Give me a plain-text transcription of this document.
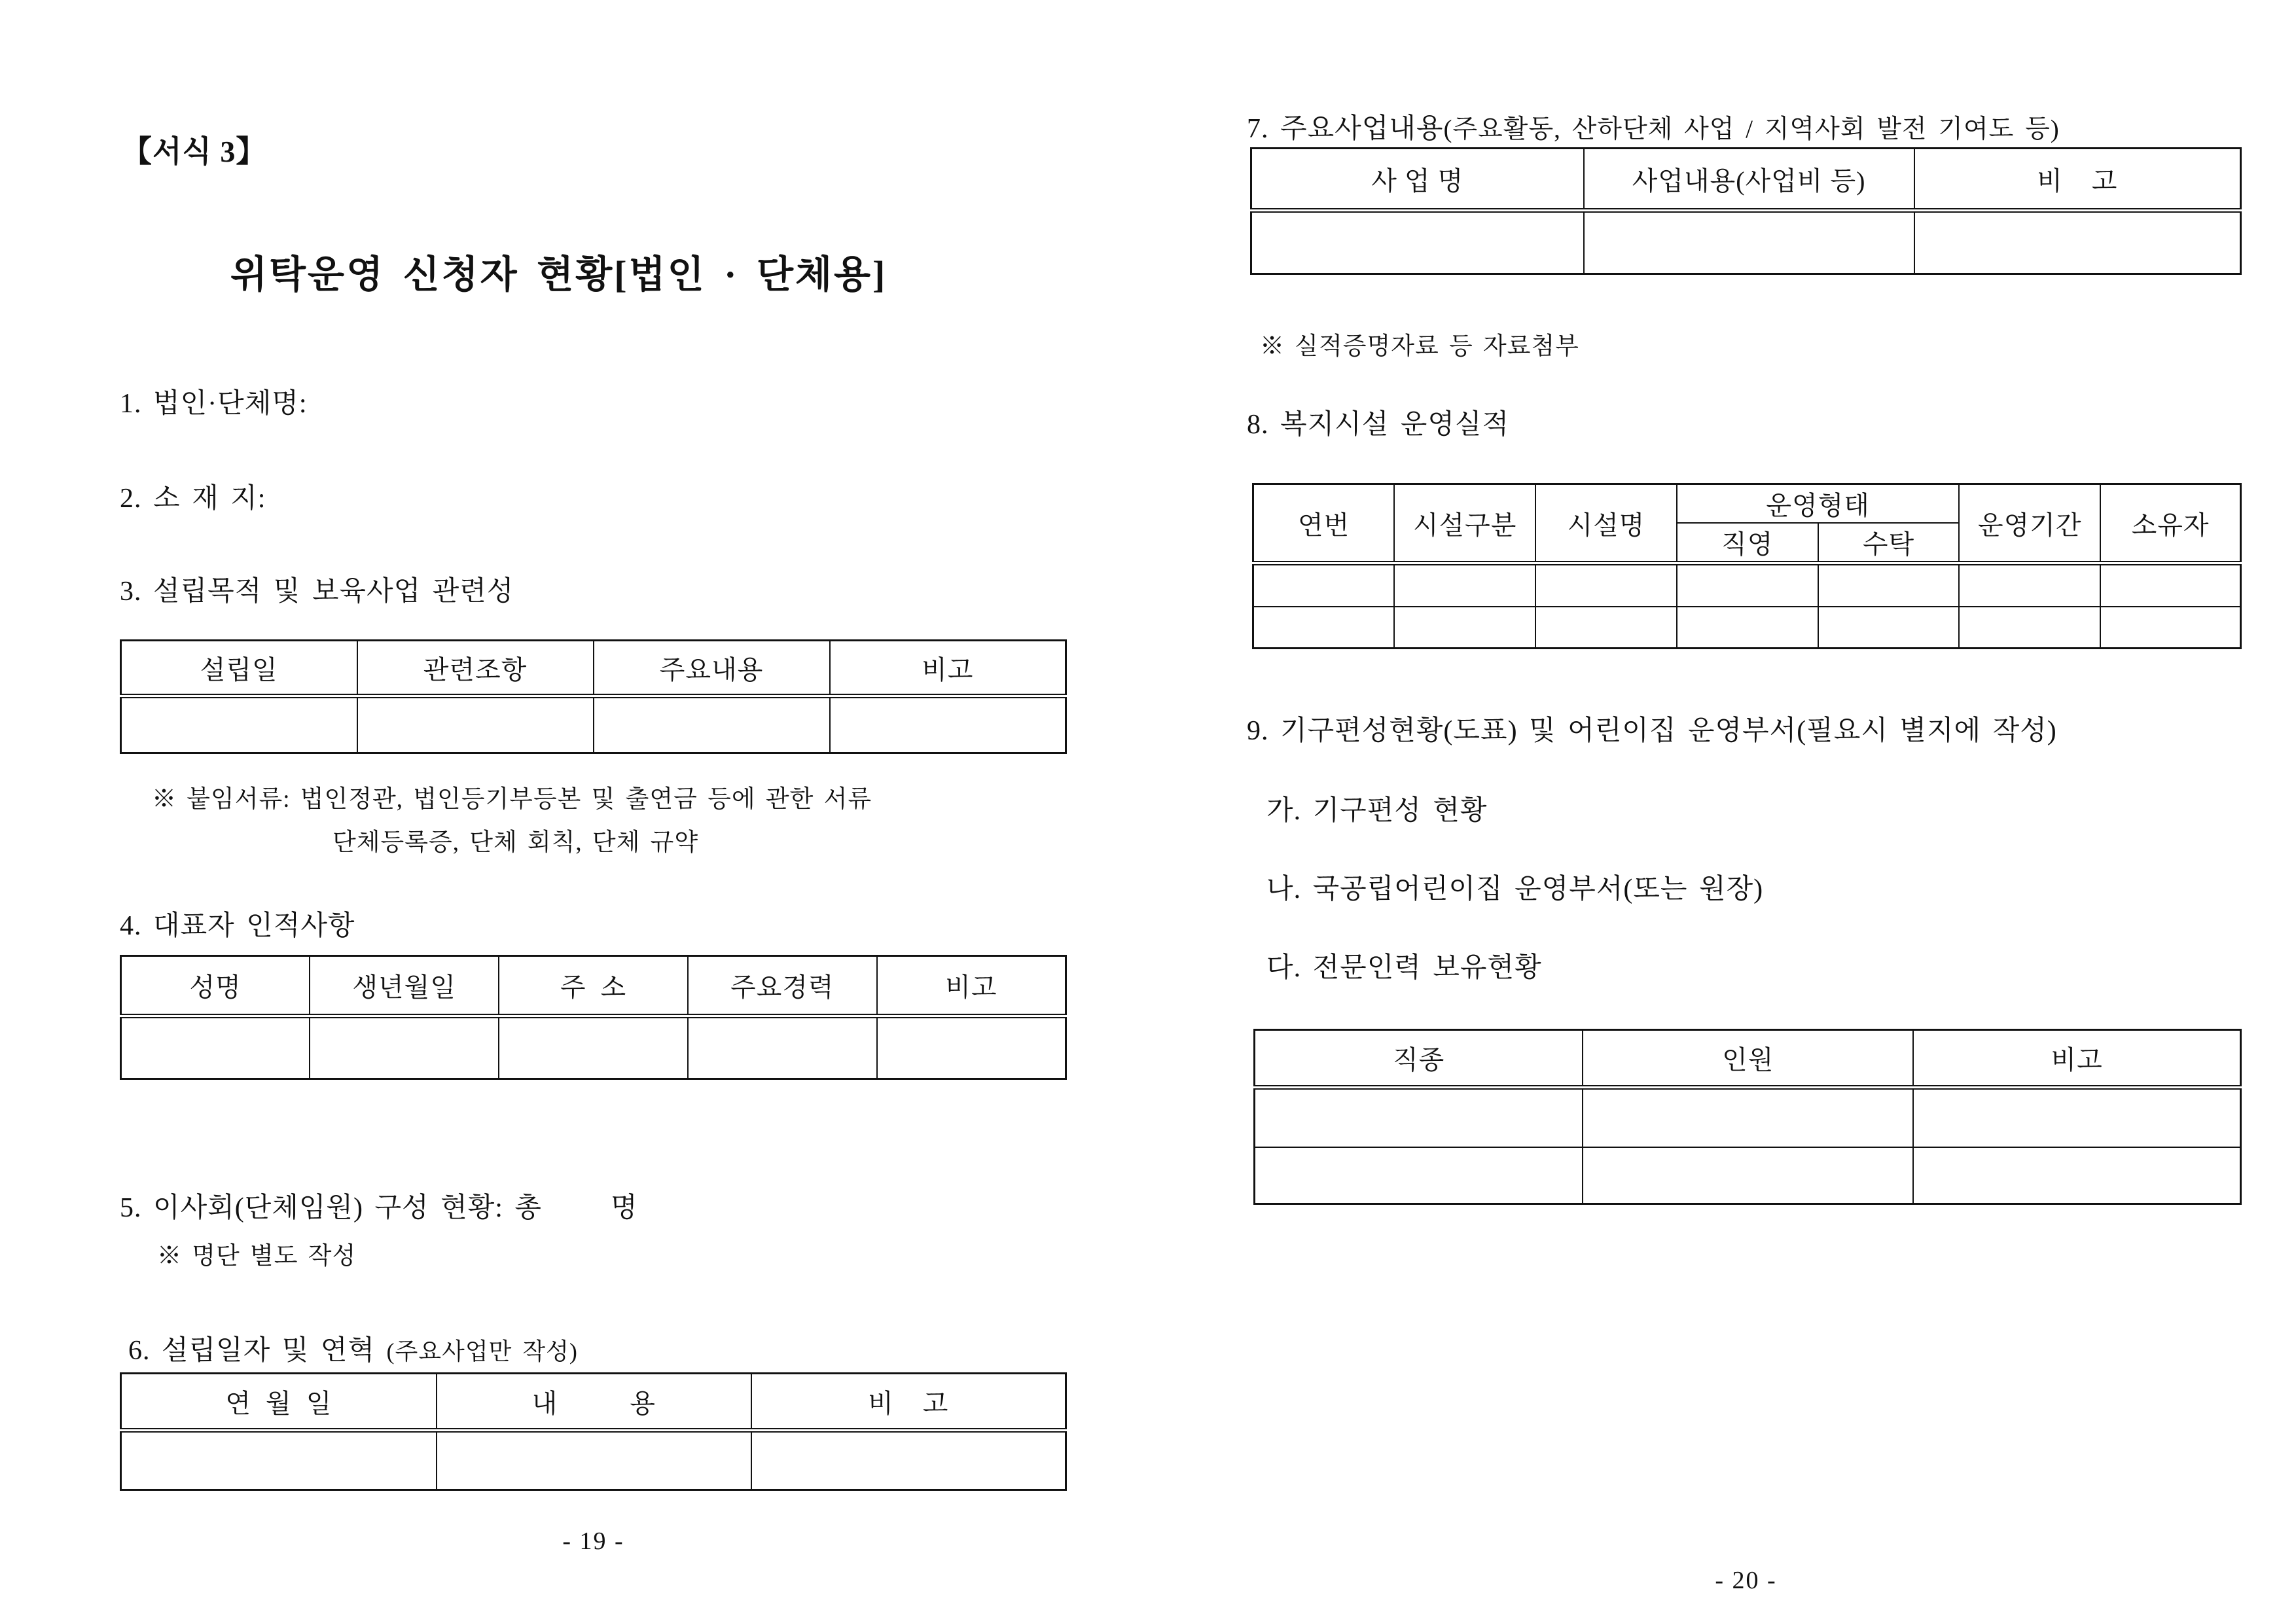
【서식 3】
위탁운영 신청자 현황[법인 · 단체용]
1. 법인·단체명:
2. 소 재 지:
3. 설립목적 및 보육사업 관련성
설립일	관련조항	주요내용	비고

※ 붙임서류: 법인정관, 법인등기부등본 및 출연금 등에 관한 서류
단체등록증, 단체 회칙, 단체 규약
4. 대표자 인적사항
성명	생년월일	주  소	주요경력	비고

5. 이사회(단체임원) 구성 현황: 총      명
※ 명단 별도 작성
6. 설립일자 및 연혁 (주요사업만 작성)
연  월  일	내          용	비    고

- 19 -
7. 주요사업내용(주요활동, 산하단체 사업 / 지역사회 발전 기여도 등)
사 업 명	사업내용(사업비 등)	비    고

※ 실적증명자료 등 자료첨부
8. 복지시설 운영실적
연번	시설구분	시설명	운영형태		운영기간	소유자
			직영	수탁		

9. 기구편성현황(도표) 및 어린이집 운영부서(필요시 별지에 작성)
가. 기구편성 현황
나. 국공립어린이집 운영부서(또는 원장)
다. 전문인력 보유현황
직종	인원	비고

- 20 -
